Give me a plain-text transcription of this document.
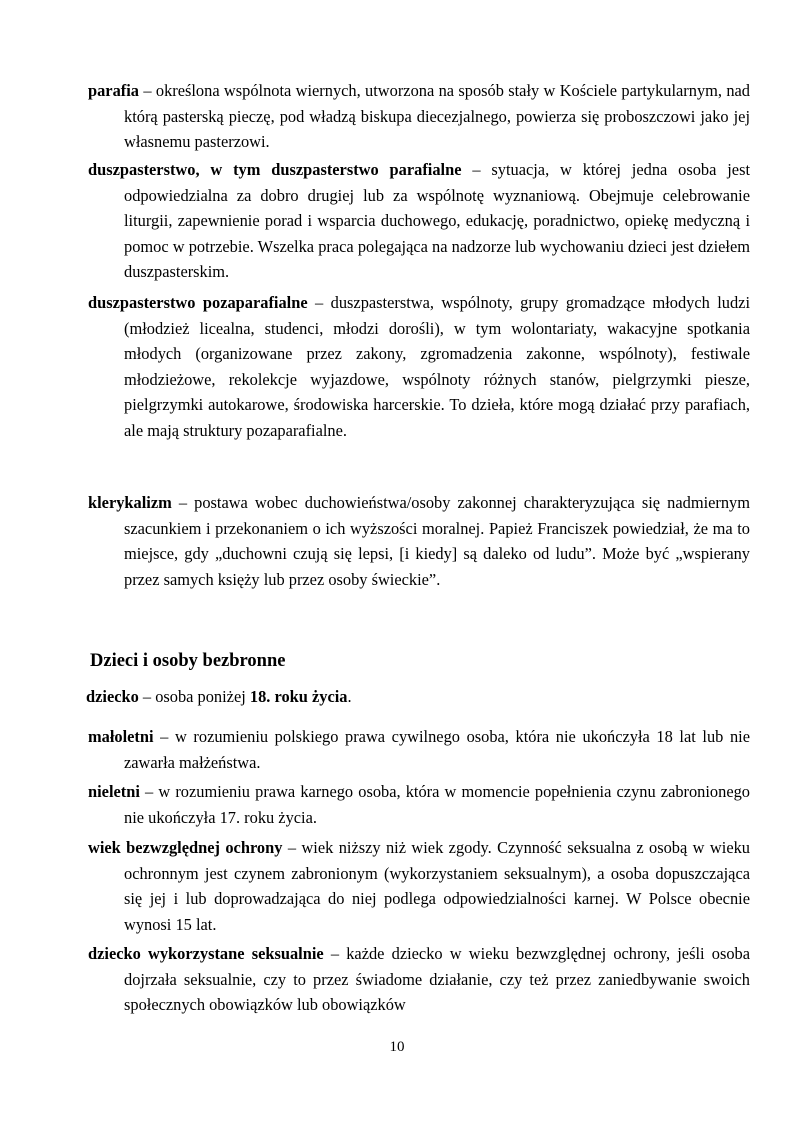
parafia – określona wspólnota wiernych, utworzona na sposób stały w Kościele partykularnym, nad którą pasterską pieczę, pod władzą biskupa diecezjalnego, powierza się proboszczowi jako jej własnemu pasterzowi.

duszpasterstwo, w tym duszpasterstwo parafialne – sytuacja, w której jedna osoba jest odpowiedzialna za dobro drugiej lub za wspólnotę wyznaniową. Obejmuje celebrowanie liturgii, zapewnienie porad i wsparcia duchowego, edukację, poradnictwo, opiekę medyczną i pomoc w potrzebie. Wszelka praca polegająca na nadzorze lub wychowaniu dzieci jest dziełem duszpasterskim.

duszpasterstwo pozaparafialne – duszpasterstwa, wspólnoty, grupy gromadzące młodych ludzi (młodzież licealna, studenci, młodzi dorośli), w tym wolontariaty, wakacyjne spotkania młodych (organizowane przez zakony, zgromadzenia zakonne, wspólnoty), festiwale młodzieżowe, rekolekcje wyjazdowe, wspólnoty różnych stanów, pielgrzymki piesze, pielgrzymki autokarowe, środowiska harcerskie. To dzieła, które mogą działać przy parafiach, ale mają struktury pozaparafialne.

klerykalizm – postawa wobec duchowieństwa/osoby zakonnej charakteryzująca się nadmiernym szacunkiem i przekonaniem o ich wyższości moralnej. Papież Franciszek powiedział, że ma to miejsce, gdy „duchowni czują się lepsi, [i kiedy] są daleko od ludu”. Może być „wspierany przez samych księży lub przez osoby świeckie”.

Dzieci i osoby bezbronne

dziecko – osoba poniżej 18. roku życia.

małoletni – w rozumieniu polskiego prawa cywilnego osoba, która nie ukończyła 18 lat lub nie zawarła małżeństwa.

nieletni – w rozumieniu prawa karnego osoba, która w momencie popełnienia czynu zabronionego nie ukończyła 17. roku życia.

wiek bezwzględnej ochrony – wiek niższy niż wiek zgody. Czynność seksualna z osobą w wieku ochronnym jest czynem zabronionym (wykorzystaniem seksualnym), a osoba dopuszczająca się jej i lub doprowadzająca do niej podlega odpowiedzialności karnej. W Polsce obecnie wynosi 15 lat.

dziecko wykorzystane seksualnie – każde dziecko w wieku bezwzględnej ochrony, jeśli osoba dojrzała seksualnie, czy to przez świadome działanie, czy też przez zaniedbywanie swoich społecznych obowiązków lub obowiązków

10
